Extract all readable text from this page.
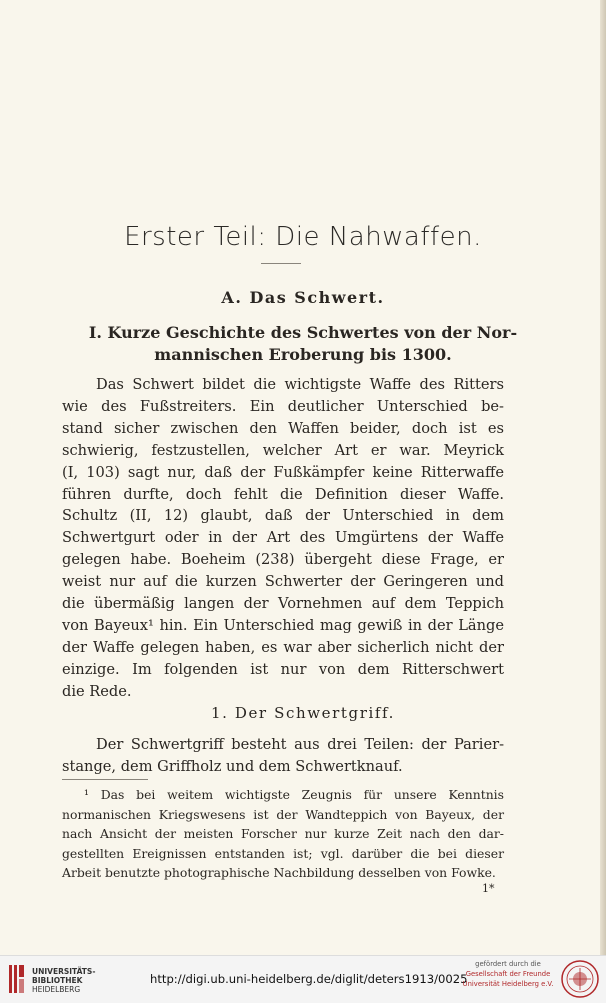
Erster Teil: Die Nahwaffen.
A. Das Schwert.
I. Kurze Geschichte des Schwertes von der Nor-
mannischen Eroberung bis 1300.
Das Schwert bildet die wichtigste Waffe des Ritters
wie des Fußstreiters. Ein deutlicher Unterschied be-
stand sicher zwischen den Waffen beider, doch ist es
schwierig, festzustellen, welcher Art er war. Meyrick
(I, 103) sagt nur, daß der Fußkämpfer keine Ritterwaffe
führen durfte, doch fehlt die Definition dieser Waffe.
Schultz (II, 12) glaubt, daß der Unterschied in dem
Schwertgurt oder in der Art des Umgürtens der Waffe
gelegen habe. Boeheim (238) übergeht diese Frage, er
weist nur auf die kurzen Schwerter der Geringeren und
die übermäßig langen der Vornehmen auf dem Teppich
von Bayeux¹ hin. Ein Unterschied mag gewiß in der Länge
der Waffe gelegen haben, es war aber sicherlich nicht der
einzige. Im folgenden ist nur von dem Ritterschwert
die Rede.
1. Der Schwertgriff.
Der Schwertgriff besteht aus drei Teilen: der Parier-
stange, dem Griffholz und dem Schwertknauf.
¹ Das bei weitem wichtigste Zeugnis für unsere Kenntnis
normanischen Kriegswesens ist der Wandteppich von Bayeux, der
nach Ansicht der meisten Forscher nur kurze Zeit nach den dar-
gestellten Ereignissen entstanden ist; vgl. darüber die bei dieser
Arbeit benutzte photographische Nachbildung desselben von Fowke.
1*
UNIVERSITÄTS-
BIBLIOTHEK
HEIDELBERG
http://digi.ub.uni-heidelberg.de/diglit/deters1913/0025
gefördert durch die
Gesellschaft der Freunde
Universität Heidelberg e.V.
